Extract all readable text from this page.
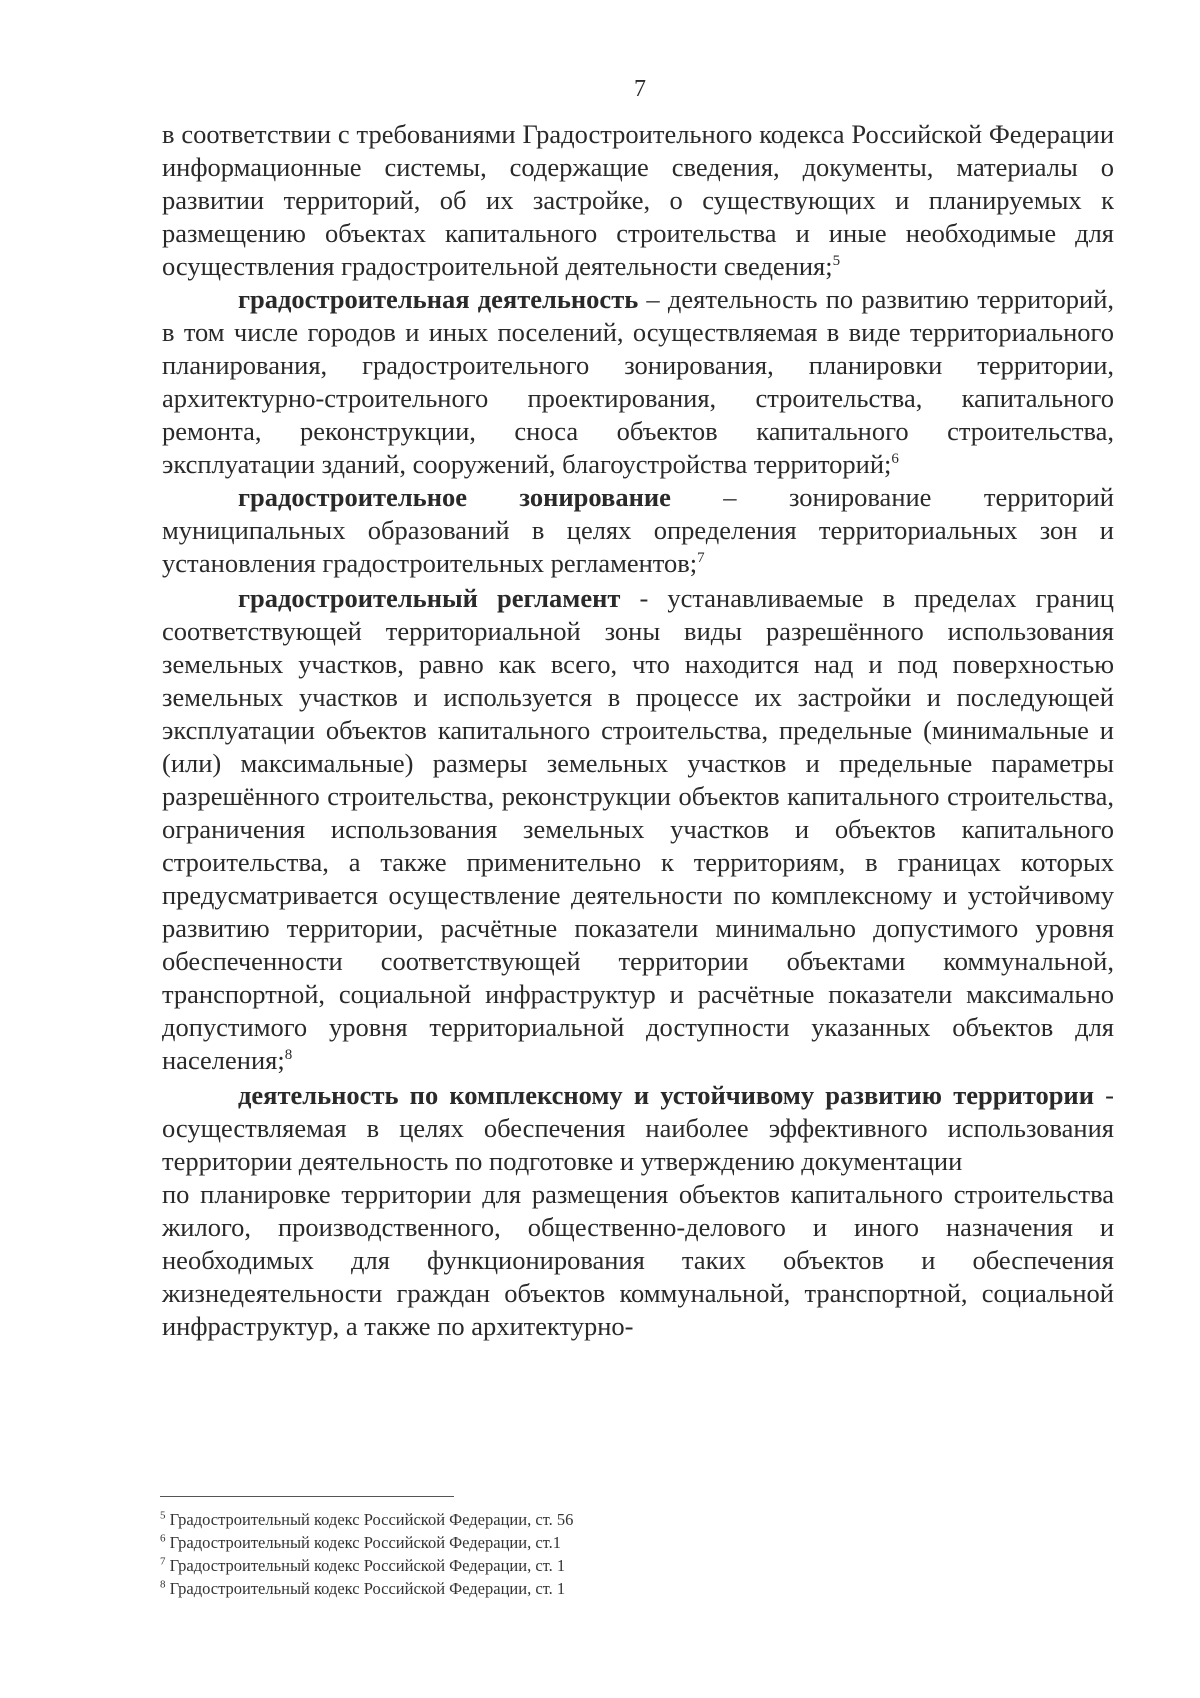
7

в соответствии с требованиями Градостроительного кодекса Российской Федерации информационные системы, содержащие сведения, документы, материалы о развитии территорий, об их застройке, о существующих и планируемых к размещению объектах капитального строительства и иные необходимые для осуществления градостроительной деятельности сведения;$^5$

градостроительная деятельность – деятельность по развитию территорий, в том числе городов и иных поселений, осуществляемая в виде территориального планирования, градостроительного зонирования, планировки территории, архитектурно-строительного проектирования, строительства, капитального ремонта, реконструкции, сноса объектов капитального строительства, эксплуатации зданий, сооружений, благоустройства территорий;$^6$

градостроительное зонирование – зонирование территорий муниципальных образований в целях определения территориальных зон и установления градостроительных регламентов;$^7$

градостроительный регламент - устанавливаемые в пределах границ соответствующей территориальной зоны виды разрешённого использования земельных участков, равно как всего, что находится над и под поверхностью земельных участков и используется в процессе их застройки и последующей эксплуатации объектов капитального строительства, предельные (минимальные и (или) максимальные) размеры земельных участков и предельные параметры разрешённого строительства, реконструкции объектов капитального строительства, ограничения использования земельных участков и объектов капитального строительства, а также применительно к территориям, в границах которых предусматривается осуществление деятельности по комплексному и устойчивому развитию территории, расчётные показатели минимально допустимого уровня обеспеченности соответствующей территории объектами коммунальной, транспортной, социальной инфраструктур и расчётные показатели максимально допустимого уровня территориальной доступности указанных объектов для населения;$^8$

деятельность по комплексному и устойчивому развитию территории - осуществляемая в целях обеспечения наиболее эффективного использования территории деятельность по подготовке и утверждению документации

по планировке территории для размещения объектов капитального строительства жилого, производственного, общественно-делового и иного назначения и необходимых для функционирования таких объектов и обеспечения жизнедеятельности граждан объектов коммунальной, транспортной, социальной инфраструктур, а также по архитектурно-

$^5$ Градостроительный кодекс Российской Федерации, ст. 56
$^6$ Градостроительный кодекс Российской Федерации, ст.1
$^7$ Градостроительный кодекс Российской Федерации, ст. 1
$^8$ Градостроительный кодекс Российской Федерации, ст. 1
